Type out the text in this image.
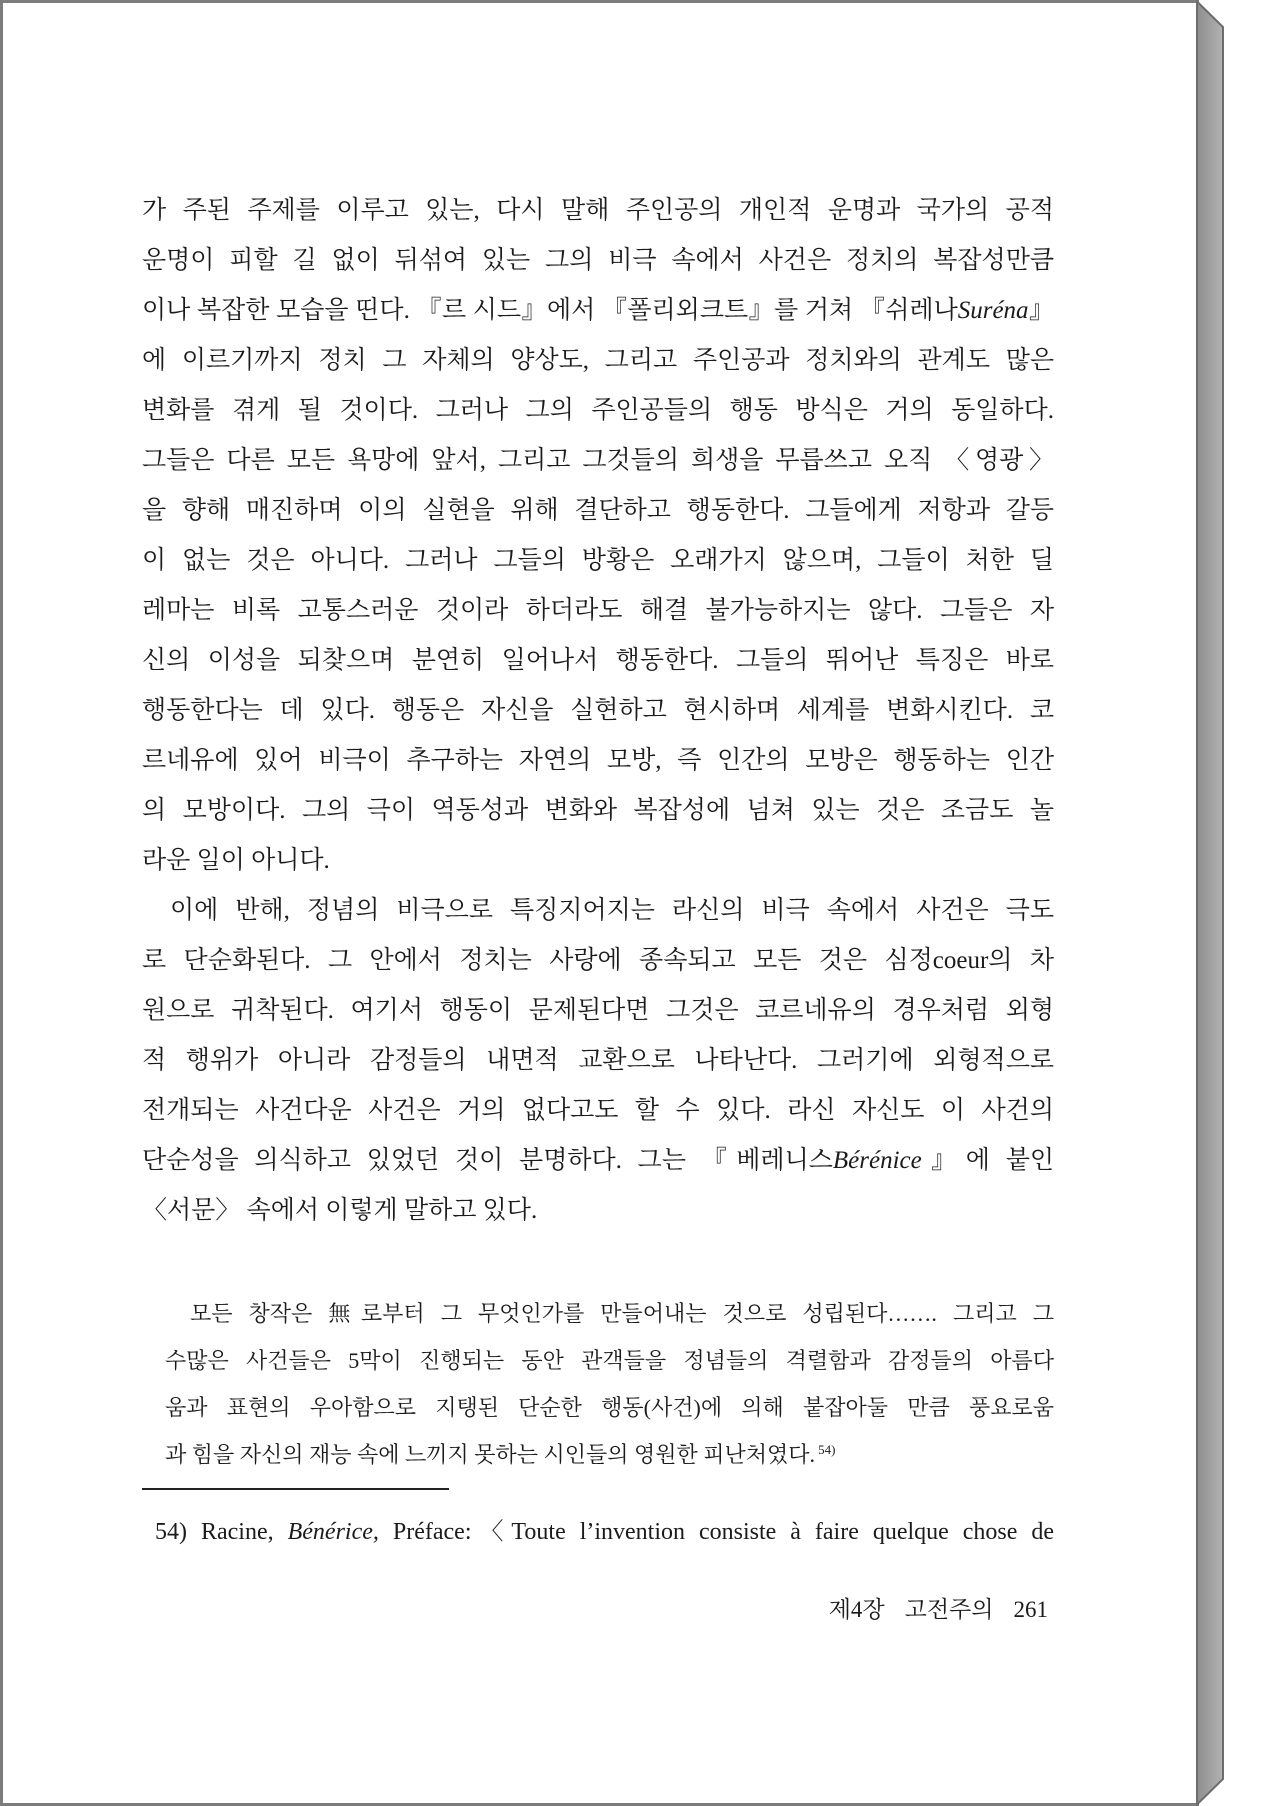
가 주된 주제를 이루고 있는, 다시 말해 주인공의 개인적 운명과 국가의 공적
운명이 피할 길 없이 뒤섞여 있는 그의 비극 속에서 사건은 정치의 복잡성만큼
이나 복잡한 모습을 띤다. 『르 시드』에서 『폴리외크트』를 거쳐 『쉬레나Suréna』
에 이르기까지 정치 그 자체의 양상도, 그리고 주인공과 정치와의 관계도 많은
변화를 겪게 될 것이다. 그러나 그의 주인공들의 행동 방식은 거의 동일하다.
그들은 다른 모든 욕망에 앞서, 그리고 그것들의 희생을 무릅쓰고 오직 〈영광〉
을 향해 매진하며 이의 실현을 위해 결단하고 행동한다. 그들에게 저항과 갈등
이 없는 것은 아니다. 그러나 그들의 방황은 오래가지 않으며, 그들이 처한 딜
레마는 비록 고통스러운 것이라 하더라도 해결 불가능하지는 않다. 그들은 자
신의 이성을 되찾으며 분연히 일어나서 행동한다. 그들의 뛰어난 특징은 바로
행동한다는 데 있다. 행동은 자신을 실현하고 현시하며 세계를 변화시킨다. 코
르네유에 있어 비극이 추구하는 자연의 모방, 즉 인간의 모방은 행동하는 인간
의 모방이다. 그의 극이 역동성과 변화와 복잡성에 넘쳐 있는 것은 조금도 놀
라운 일이 아니다.
이에 반해, 정념의 비극으로 특징지어지는 라신의 비극 속에서 사건은 극도
로 단순화된다. 그 안에서 정치는 사랑에 종속되고 모든 것은 심정coeur의 차
원으로 귀착된다. 여기서 행동이 문제된다면 그것은 코르네유의 경우처럼 외형
적 행위가 아니라 감정들의 내면적 교환으로 나타난다. 그러기에 외형적으로
전개되는 사건다운 사건은 거의 없다고도 할 수 있다. 라신 자신도 이 사건의
단순성을 의식하고 있었던 것이 분명하다. 그는 『베레니스Bérénice』에 붙인
〈서문〉 속에서 이렇게 말하고 있다.
모든 창작은 無로부터 그 무엇인가를 만들어내는 것으로 성립된다……. 그리고 그
수많은 사건들은 5막이 진행되는 동안 관객들을 정념들의 격렬함과 감정들의 아름다
움과 표현의 우아함으로 지탱된 단순한 행동(사건)에 의해 붙잡아둘 만큼 풍요로움
과 힘을 자신의 재능 속에 느끼지 못하는 시인들의 영원한 피난처였다. $^{54)}$
54) Racine, Bénérice, Préface:〈Toute l’invention consiste à faire quelque chose de
제4장 고전주의 261
